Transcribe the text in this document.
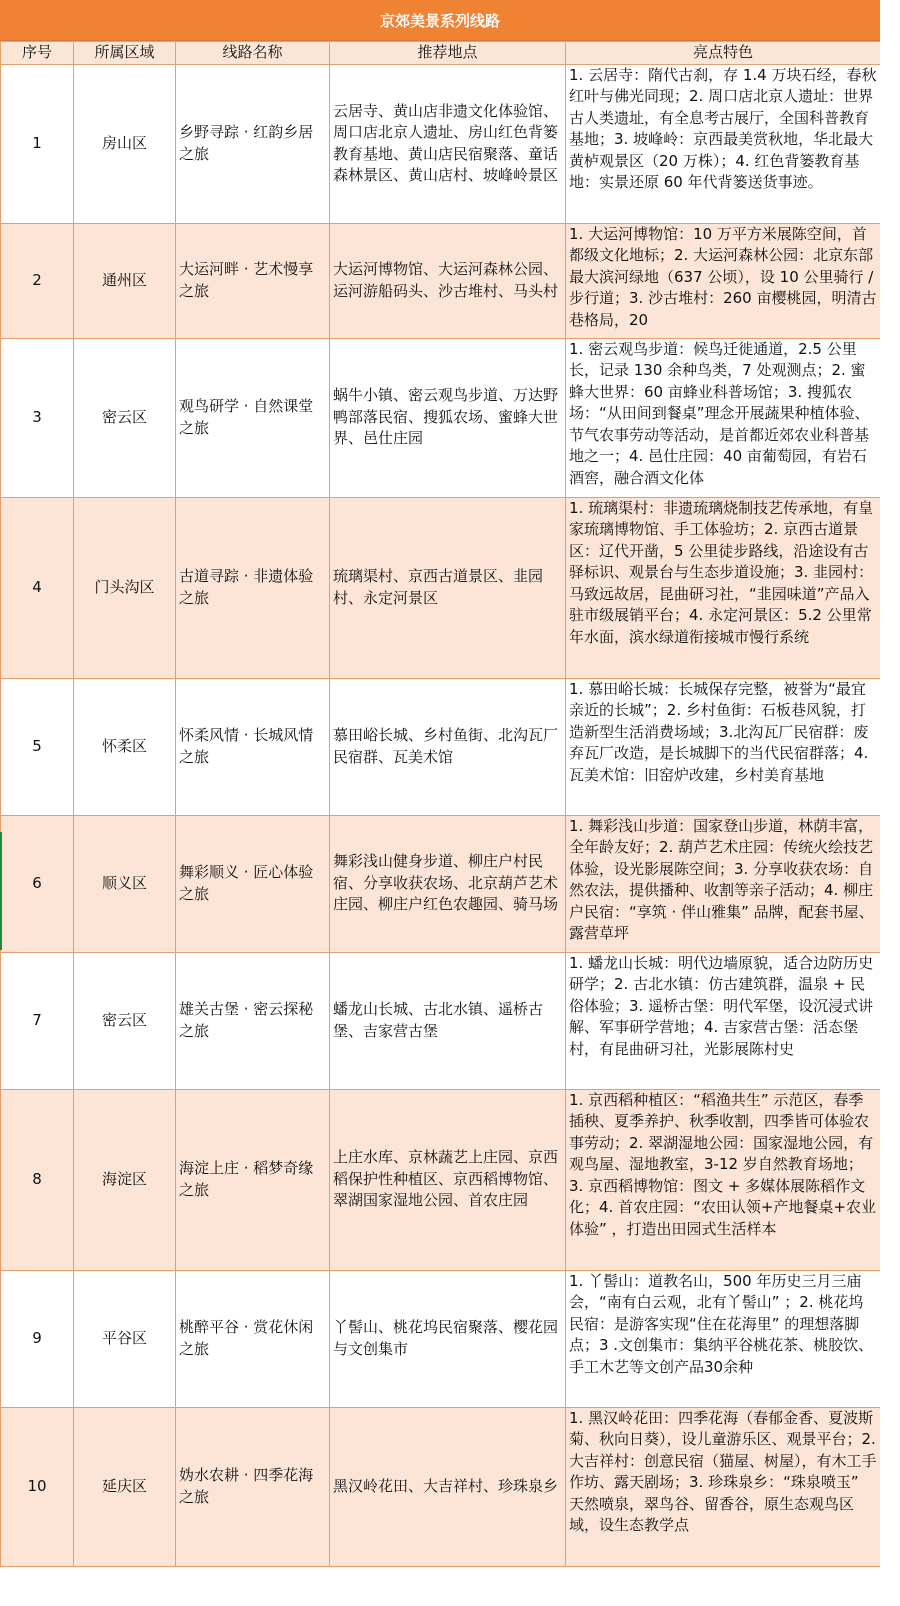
京郊美景系列线路
序号	所属区域	线路名称	推荐地点	亮点特色
1	房山区	乡野寻踪 · 红韵乡居之旅	云居寺、黄山店非遗文化体验馆、周口店北京人遗址、房山红色背篓教育基地、黄山店民宿聚落、童话森林景区、黄山店村、坡峰岭景区	1. 云居寺：隋代古刹，存 1.4 万块石经，春秋红叶与佛光同现；2. 周口店北京人遗址：世界古人类遗址，有全息考古展厅，全国科普教育基地；3. 坡峰岭：京西最美赏秋地，华北最大黄栌观景区（20 万株）；4. 红色背篓教育基地：实景还原 60 年代背篓送货事迹。

2	通州区	大运河畔 · 艺术慢享之旅	大运河博物馆、大运河森林公园、运河游船码头、沙古堆村、马头村	1. 大运河博物馆：10 万平方米展陈空间，首都级文化地标；2. 大运河森林公园：北京东部最大滨河绿地（637 公顷），设 10 公里骑行 / 步行道；3. 沙古堆村：260 亩樱桃园，明清古巷格局，20

3	密云区	观鸟研学 · 自然课堂之旅	蜗牛小镇、密云观鸟步道、万达野鸭部落民宿、搜狐农场、蜜蜂大世界、邑仕庄园	1. 密云观鸟步道：候鸟迁徙通道，2.5 公里长，记录 130 余种鸟类，7 处观测点；2. 蜜蜂大世界：60 亩蜂业科普场馆；3. 搜狐农场：“从田间到餐桌”理念开展蔬果种植体验、节气农事劳动等活动，是首都近郊农业科普基地之一；4. 邑仕庄园：40 亩葡萄园，有岩石酒窖，融合酒文化体

4	门头沟区	古道寻踪 · 非遗体验之旅	琉璃渠村、京西古道景区、韭园村、永定河景区	1. 琉璃渠村：非遗琉璃烧制技艺传承地，有皇家琉璃博物馆、手工体验坊；2. 京西古道景区：辽代开凿，5 公里徒步路线，沿途设有古驿标识、观景台与生态步道设施；3. 韭园村：马致远故居，昆曲研习社，“韭园味道”产品入驻市级展销平台；4. 永定河景区：5.2 公里常年水面，滨水绿道衔接城市慢行系统

5	怀柔区	怀柔风情 · 长城风情之旅	慕田峪长城、乡村鱼街、北沟瓦厂民宿群、瓦美术馆	1. 慕田峪长城：长城保存完整，被誉为“最宜亲近的长城”；2. 乡村鱼街：石板巷风貌，打造新型生活消费场域；3.北沟瓦厂民宿群：废弃瓦厂改造，是长城脚下的当代民宿群落；4. 瓦美术馆：旧窑炉改建，乡村美育基地

6	顺义区	舞彩顺义 · 匠心体验之旅	舞彩浅山健身步道、柳庄户村民宿、分享收获农场、北京葫芦艺术庄园、柳庄户红色农趣园、骑马场	1. 舞彩浅山步道：国家登山步道，林荫丰富，全年龄友好；2. 葫芦艺术庄园：传统火绘技艺体验，设光影展陈空间；3. 分享收获农场：自然农法，提供播种、收割等亲子活动；4. 柳庄户民宿：“享筑 · 伴山雅集” 品牌，配套书屋、露营草坪

7	密云区	雄关古堡 · 密云探秘之旅	蟠龙山长城、古北水镇、遥桥古堡、吉家营古堡	1. 蟠龙山长城：明代边墙原貌，适合边防历史研学；2. 古北水镇：仿古建筑群，温泉 + 民俗体验；3. 遥桥古堡：明代军堡，设沉浸式讲解、军事研学营地；4. 吉家营古堡：活态堡村，有昆曲研习社，光影展陈村史

8	海淀区	海淀上庄 · 稻梦奇缘之旅	上庄水库、京林蔬艺上庄园、京西稻保护性种植区、京西稻博物馆、翠湖国家湿地公园、首农庄园	1. 京西稻种植区：“稻渔共生” 示范区，春季插秧、夏季养护、秋季收割，四季皆可体验农事劳动；2. 翠湖湿地公园：国家湿地公园，有观鸟屋、湿地教室，3-12 岁自然教育场地；3. 京西稻博物馆：图文 + 多媒体展陈稻作文化；4. 首农庄园：“农田认领+产地餐桌+农业体验” ，打造出田园式生活样本

9	平谷区	桃醉平谷 · 赏花休闲之旅	丫髻山、桃花坞民宿聚落、樱花园与文创集市	1. 丫髻山：道教名山，500 年历史三月三庙会，“南有白云观，北有丫髻山” ；2. 桃花坞民宿：是游客实现“住在花海里” 的理想落脚点；3 .文创集市：集纳平谷桃花茶、桃胶饮、手工木艺等文创产品30余种

10	延庆区	妫水农耕 · 四季花海之旅	黑汉岭花田、大吉祥村、珍珠泉乡	1. 黑汉岭花田：四季花海（春郁金香、夏波斯菊、秋向日葵），设儿童游乐区、观景平台；2. 大吉祥村：创意民宿（猫屋、树屋），有木工手作坊、露天剧场；3. 珍珠泉乡：“珠泉喷玉” 天然喷泉，翠鸟谷、留香谷，原生态观鸟区域，设生态教学点
